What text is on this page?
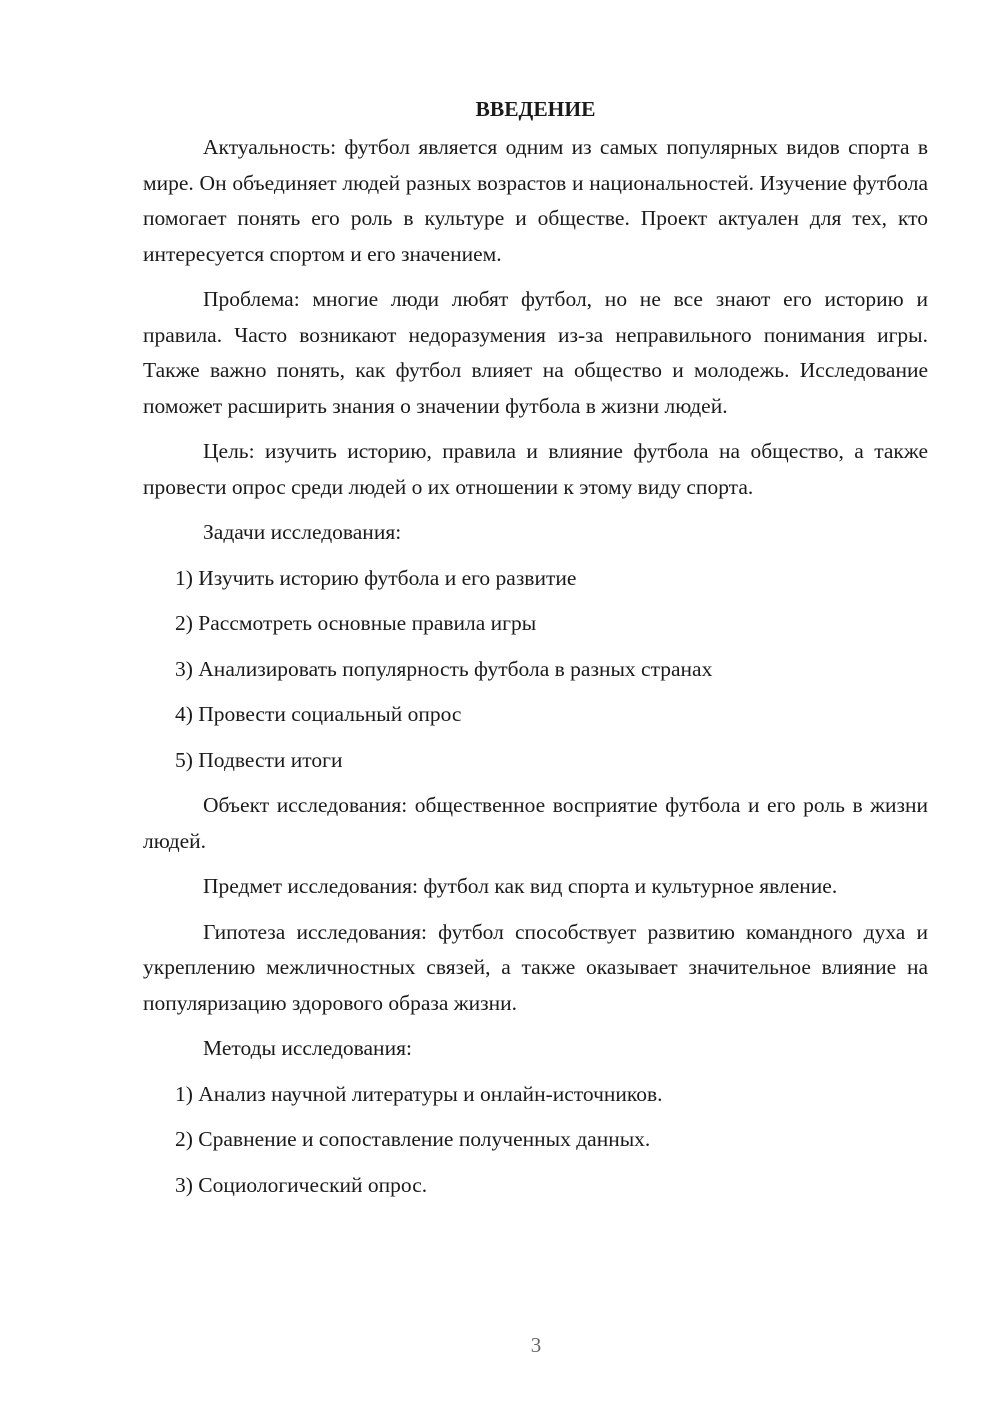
ВВЕДЕНИЕ

Актуальность: футбол является одним из самых популярных видов спорта в мире. Он объединяет людей разных возрастов и национальностей. Изучение футбола помогает понять его роль в культуре и обществе. Проект актуален для тех, кто интересуется спортом и его значением.

Проблема: многие люди любят футбол, но не все знают его историю и правила. Часто возникают недоразумения из-за неправильного понимания игры. Также важно понять, как футбол влияет на общество и молодежь. Исследование поможет расширить знания о значении футбола в жизни людей.

Цель: изучить историю, правила и влияние футбола на общество, а также провести опрос среди людей о их отношении к этому виду спорта.

Задачи исследования:
1) Изучить историю футбола и его развитие
2) Рассмотреть основные правила игры
3) Анализировать популярность футбола в разных странах
4) Провести социальный опрос
5) Подвести итоги

Объект исследования: общественное восприятие футбола и его роль в жизни людей.

Предмет исследования: футбол как вид спорта и культурное явление.

Гипотеза исследования: футбол способствует развитию командного духа и укреплению межличностных связей, а также оказывает значительное влияние на популяризацию здорового образа жизни.

Методы исследования:
1) Анализ научной литературы и онлайн-источников.
2) Сравнение и сопоставление полученных данных.
3) Социологический опрос.
3
